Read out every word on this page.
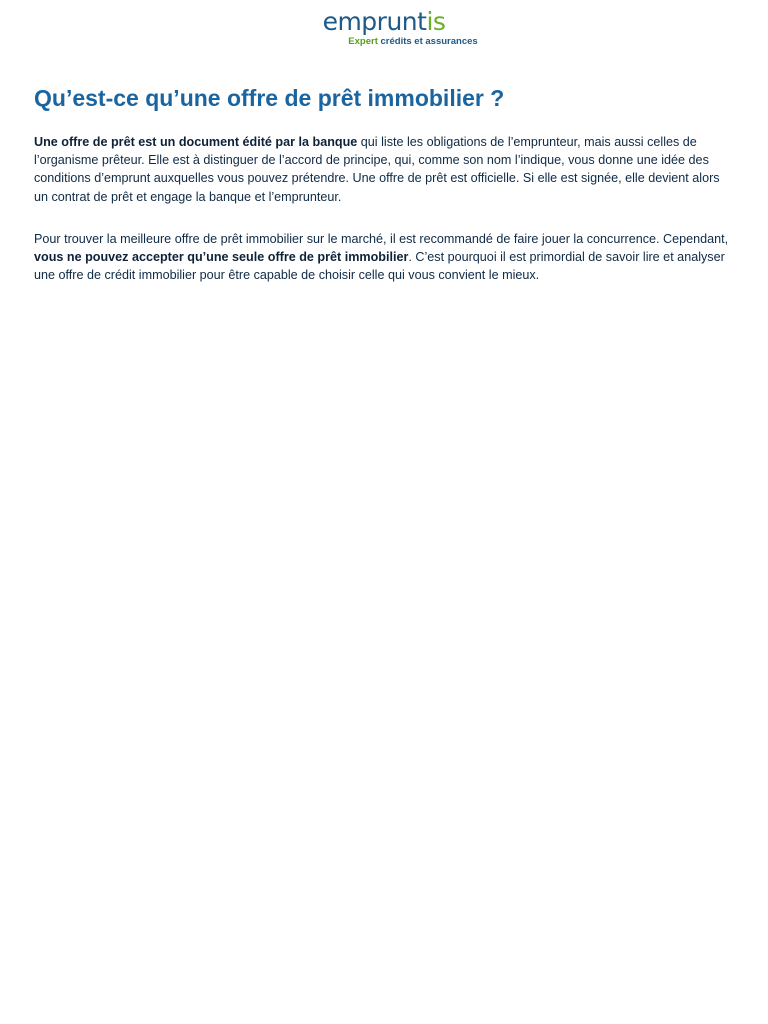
empruntis
Expert crédits et assurances
Qu’est-ce qu’une offre de prêt immobilier ?

Une offre de prêt est un document édité par la banque qui liste les obligations de l’emprunteur, mais aussi celles de l’organisme prêteur. Elle est à distinguer de l’accord de principe, qui, comme son nom l’indique, vous donne une idée des conditions d’emprunt auxquelles vous pouvez prétendre. Une offre de prêt est officielle. Si elle est signée, elle devient alors un contrat de prêt et engage la banque et l’emprunteur.

Pour trouver la meilleure offre de prêt immobilier sur le marché, il est recommandé de faire jouer la concurrence. Cependant, vous ne pouvez accepter qu’une seule offre de prêt immobilier. C’est pourquoi il est primordial de savoir lire et analyser une offre de crédit immobilier pour être capable de choisir celle qui vous convient le mieux.
